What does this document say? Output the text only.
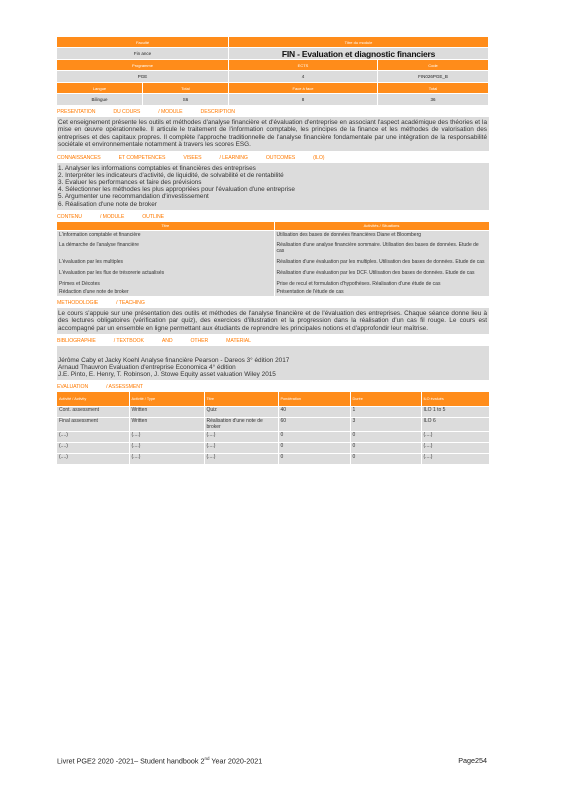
Faculté	Titre du module
Fin ance	FIN - Evaluation et diagnostic financiers
Programme	ECTS	Code
PGE	4	FIN026PGE_B
Langue	Total	Face à face	Total
Bilingue	S6	8	36
PRESENTATION	DU COURS	/ MODULE	DESCRIPTION
Cet enseignement présente les outils et méthodes d'analyse financière et d'évaluation d'entreprise en associant l'aspect académique des théories et la mise en œuvre opérationnelle. Il articule le traitement de l'information comptable, les principes de la finance et les méthodes de valorisation des entreprises et des capitaux propres. Il complète l'approche traditionnelle de l'analyse financière fondamentale par une intégration de la responsabilité sociétale et environnementale notamment à travers les scores ESG.
CONNAISSANCES	ET COMPETENCES	VISEES	/ LEARNING	OUTCOMES	(ILO)
1. Analyser les informations comptables et financières des entreprises
2. Interpréter les indicateurs d'activité, de liquidité, de solvabilité et de rentabilité
3. Evaluer les performances et faire des prévisions
4. Sélectionner les méthodes les plus appropriées pour l'évaluation d'une entreprise
5. Argumenter une recommandation d'investissement
6. Réalisation d'une note de broker
CONTENU	/ MODULE	OUTLINE
Titre	Activités / Situations

L'information comptable et financière	Utilisation des bases de données financières Diane et Bloomberg
La démarche de l'analyse financière	Réalisation d'une analyse financière sommaire. Utilisation des bases de données. Etude de cas
L'évaluation par les multiples	Réalisation d'une évaluation par les multiples. Utilisation des bases de données. Etude de cas
L'évaluation par les flux de trésorerie actualisés	Réalisation d'une évaluation par les DCF. Utilisation des bases de données. Etude de cas
Primes et Décotes	Prise de recul et formulation d'hypothèses. Réalisation d'une étude de cas
Rédaction d'une note de broker	Présentation de l'étude de cas
METHODOLOGIE	/ TEACHING
Le cours s'appuie sur une présentation des outils et méthodes de l'analyse financière et de l'évaluation des entreprises. Chaque séance donne lieu à des lectures obligatoires (vérification par quiz), des exercices d'illustration et la progression dans la réalisation d'un cas fil rouge. Le cours est accompagné par un ensemble en ligne permettant aux étudiants de reprendre les principales notions et d'approfondir leur maîtrise.
BIBLIOGRAPHIE	/ TEXTBOOK	AND	OTHER	MATERIAL
Jérôme Caby et Jacky Koehl Analyse financière Pearson - Dareos 3° édition 2017
Arnaud Thauvron Evaluation d'entreprise Economica 4° édition
J.E. Pinto, E. Henry, T. Robinson, J. Stowe Equity asset valuation Wiley 2015
EVALUATION	/ ASSESSMENT
Activité / Activity	Activité / Type	Titre	Pondération	Durée	ILO évalués

Cont. assessment	Written	Quiz	40	1	ILO 1 to 5

Final assessment	Written	Réalisation d'une note de broker	60	3	ILO 6

(....)	(....)	(....)	0	0	(....)

(....)	(....)	(....)	0	0	(....)

(....)	(....)	(....)	0	0	(....)
Livret PGE2 2020 -2021– Student handbook 2nd Year 2020-2021	Page254
